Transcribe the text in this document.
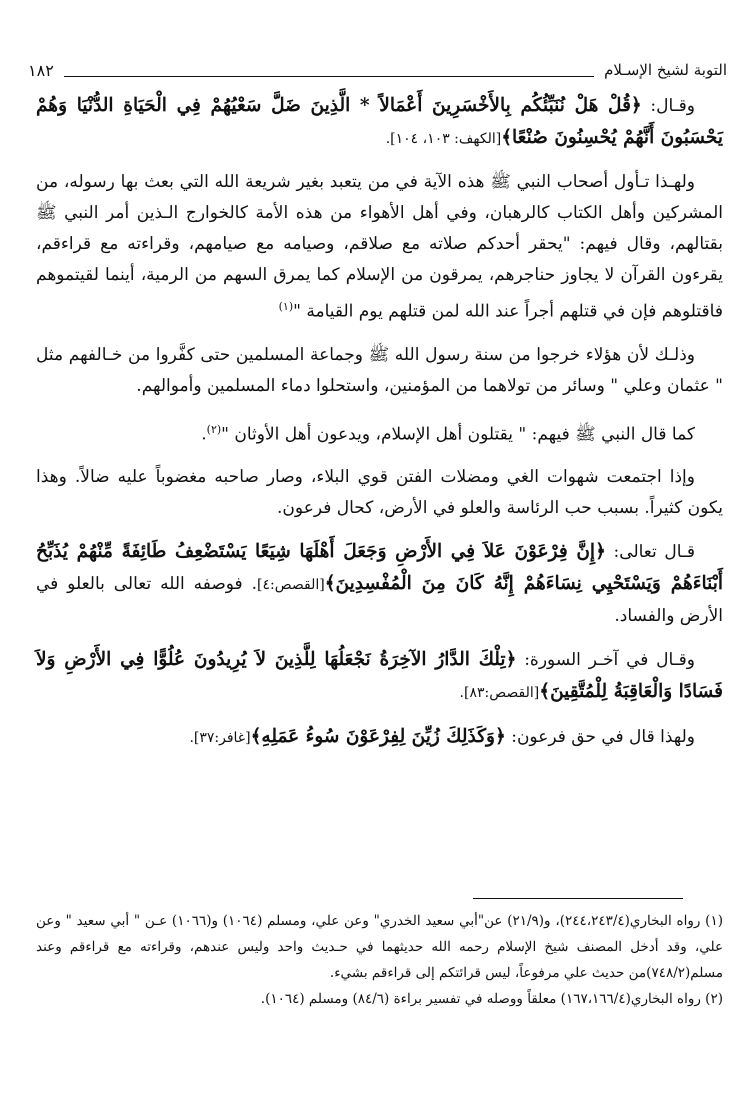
التوبة لشيخ الإسـلام
١٨٢

وقـال: ﴿قُلْ هَلْ نُنَبِّئُكُم بِالأَخْسَرِينَ أَعْمَالاً * الَّذِينَ ضَلَّ سَعْيُهُمْ فِي الْحَيَاةِ الدُّنْيَا وَهُمْ يَحْسَبُونَ أَنَّهُمْ يُحْسِنُونَ صُنْعًا﴾[الكهف: ١٠٣، ١٠٤].

ولهـذا تـأول أصحاب النبي ﷺ هذه الآية في من يتعبد بغير شريعة الله التي بعث بها رسوله، من المشركين وأهل الكتاب كالرهبان، وفي أهل الأهواء من هذه الأمة كالخوارج الـذين أمر النبي ﷺ بقتالهم، وقال فيهم: "يحقر أحدكم صلاته مع صلاقم، وصيامه مع صيامهم، وقراءته مع قراءقم، يقرءون القرآن لا يجاوز حناجرهم، يمرقون من الإسلام كما يمرق السهم من الرمية، أينما لقيتموهم فاقتلوهم فإن في قتلهم أجراً عند الله لمن قتلهم يوم القيامة "$^{(١)}$

وذلـك لأن هؤلاء خرجوا من سنة رسول الله ﷺ وجماعة المسلمين حتى كفَّروا من خـالفهم مثل " عثمان وعلي " وسائر من تولاهما من المؤمنين، واستحلوا دماء المسلمين وأموالهم.

كما قال النبي ﷺ فيهم: " يقتلون أهل الإسلام، ويدعون أهل الأوثان "$^{(٢)}$.

وإذا اجتمعت شهوات الغي ومضلات الفتن قوي البلاء، وصار صاحبه مغضوباً عليه ضالاً. وهذا يكون كثيراً. بسبب حب الرئاسة والعلو في الأرض، كحال فرعون.

قـال تعالى: ﴿إِنَّ فِرْعَوْنَ عَلاَ فِي الأَرْضِ وَجَعَلَ أَهْلَهَا شِيَعًا يَسْتَضْعِفُ طَائِفَةً مِّنْهُمْ يُذَبِّحُ أَبْنَاءَهُمْ وَيَسْتَحْيِي نِسَاءَهُمْ إِنَّهُ كَانَ مِنَ الْمُفْسِدِينَ﴾[القصص:٤]. فوصفه الله تعالى بالعلو في الأرض والفساد.

وقـال في آخـر السورة: ﴿تِلْكَ الدَّارُ الآخِرَةُ نَجْعَلُهَا لِلَّذِينَ لاَ يُرِيدُونَ عُلُوًّا فِي الأَرْضِ وَلاَ فَسَادًا وَالْعَاقِبَةُ لِلْمُتَّقِينَ﴾[القصص:٨٣].

ولهذا قال في حق فرعون: ﴿وَكَذَلِكَ زُيِّنَ لِفِرْعَوْنَ سُوءُ عَمَلِهِ﴾[غافر:٣٧].

(١) رواه البخاري(٢٤٤،٢٤٣/٤)، و(٢١/٩) عن"أبي سعيد الخدري" وعن علي، ومسلم (١٠٦٤) و(١٠٦٦) عـن " أبي سعيد " وعن علي، وقد أدخل المصنف شيخ الإسلام رحمه الله حديثهما في حـديث واحد وليس عندهم، وقراءته مع قراءقم وعند مسلم(٧٤٨/٢)من حديث علي مرفوعاً، ليس قرائتكم إلى قراءقم بشيء.

(٢) رواه البخاري(١٦٧،١٦٦/٤) معلقاً ووصله في تفسير براءة (٨٤/٦) ومسلم (١٠٦٤).
